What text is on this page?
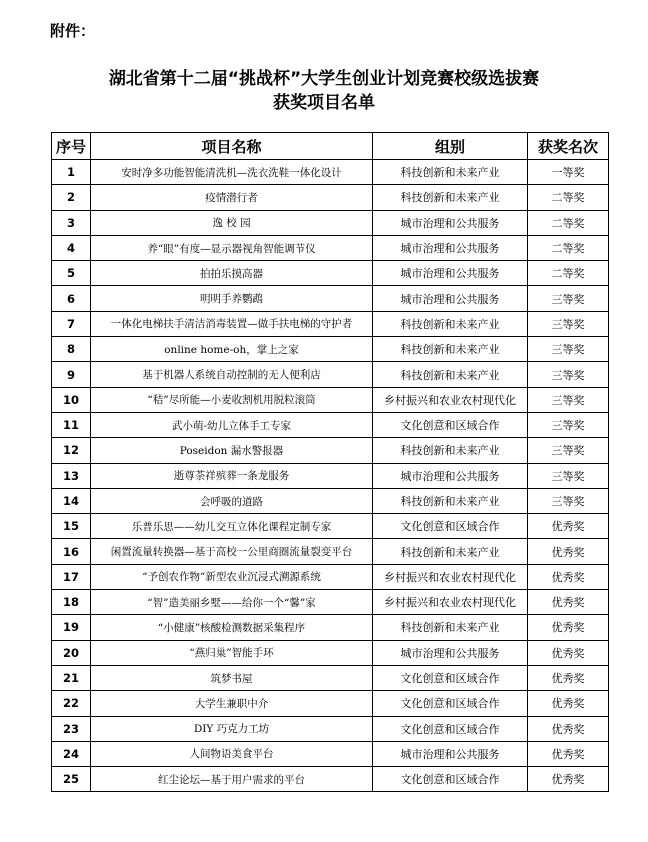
附件：
湖北省第十二届“挑战杯”大学生创业计划竞赛校级选拔赛
获奖项目名单
序号	项目名称	组别	获奖名次
1	安时净多功能智能清洗机—洗衣洗鞋一体化设计	科技创新和未来产业	一等奖
2	疫情潜行者	科技创新和未来产业	二等奖
3	逸 校 园	城市治理和公共服务	二等奖
4	养“眼”有度—显示器视角智能调节仪	城市治理和公共服务	二等奖
5	拍拍乐摸高器	城市治理和公共服务	二等奖
6	明明手养鹦鹉	城市治理和公共服务	三等奖
7	一体化电梯扶手清洁消毒装置—做手扶电梯的守护者	科技创新和未来产业	三等奖
8	online home-oh，掌上之家	科技创新和未来产业	三等奖
9	基于机器人系统自动控制的无人便利店	科技创新和未来产业	三等奖
10	“秸”尽所能—小麦收割机用脱粒滚筒	乡村振兴和农业农村现代化	三等奖
11	武小萌-幼儿立体手工专家	文化创意和区域合作	三等奖
12	Poseidon 漏水警报器	科技创新和未来产业	三等奖
13	逝尊荼祥殡葬一条龙服务	城市治理和公共服务	三等奖
14	会呼吸的道路	科技创新和未来产业	三等奖
15	乐普乐思——幼儿交互立体化课程定制专家	文化创意和区域合作	优秀奖
16	闲置流量转换器—基于高校一公里商圈流量裂变平台	科技创新和未来产业	优秀奖
17	“予创农作物”新型农业沉浸式溯源系统	乡村振兴和农业农村现代化	优秀奖
18	“智”造美丽乡墅——给你一个“馨”家	乡村振兴和农业农村现代化	优秀奖
19	“小健康”核酸检测数据采集程序	科技创新和未来产业	优秀奖
20	“燕归巢”智能手环	城市治理和公共服务	优秀奖
21	筑梦书屋	文化创意和区域合作	优秀奖
22	大学生兼职中介	文化创意和区域合作	优秀奖
23	DIY 巧克力工坊	文化创意和区域合作	优秀奖
24	人间物语美食平台	城市治理和公共服务	优秀奖
25	红尘论坛—基于用户需求的平台	文化创意和区域合作	优秀奖
